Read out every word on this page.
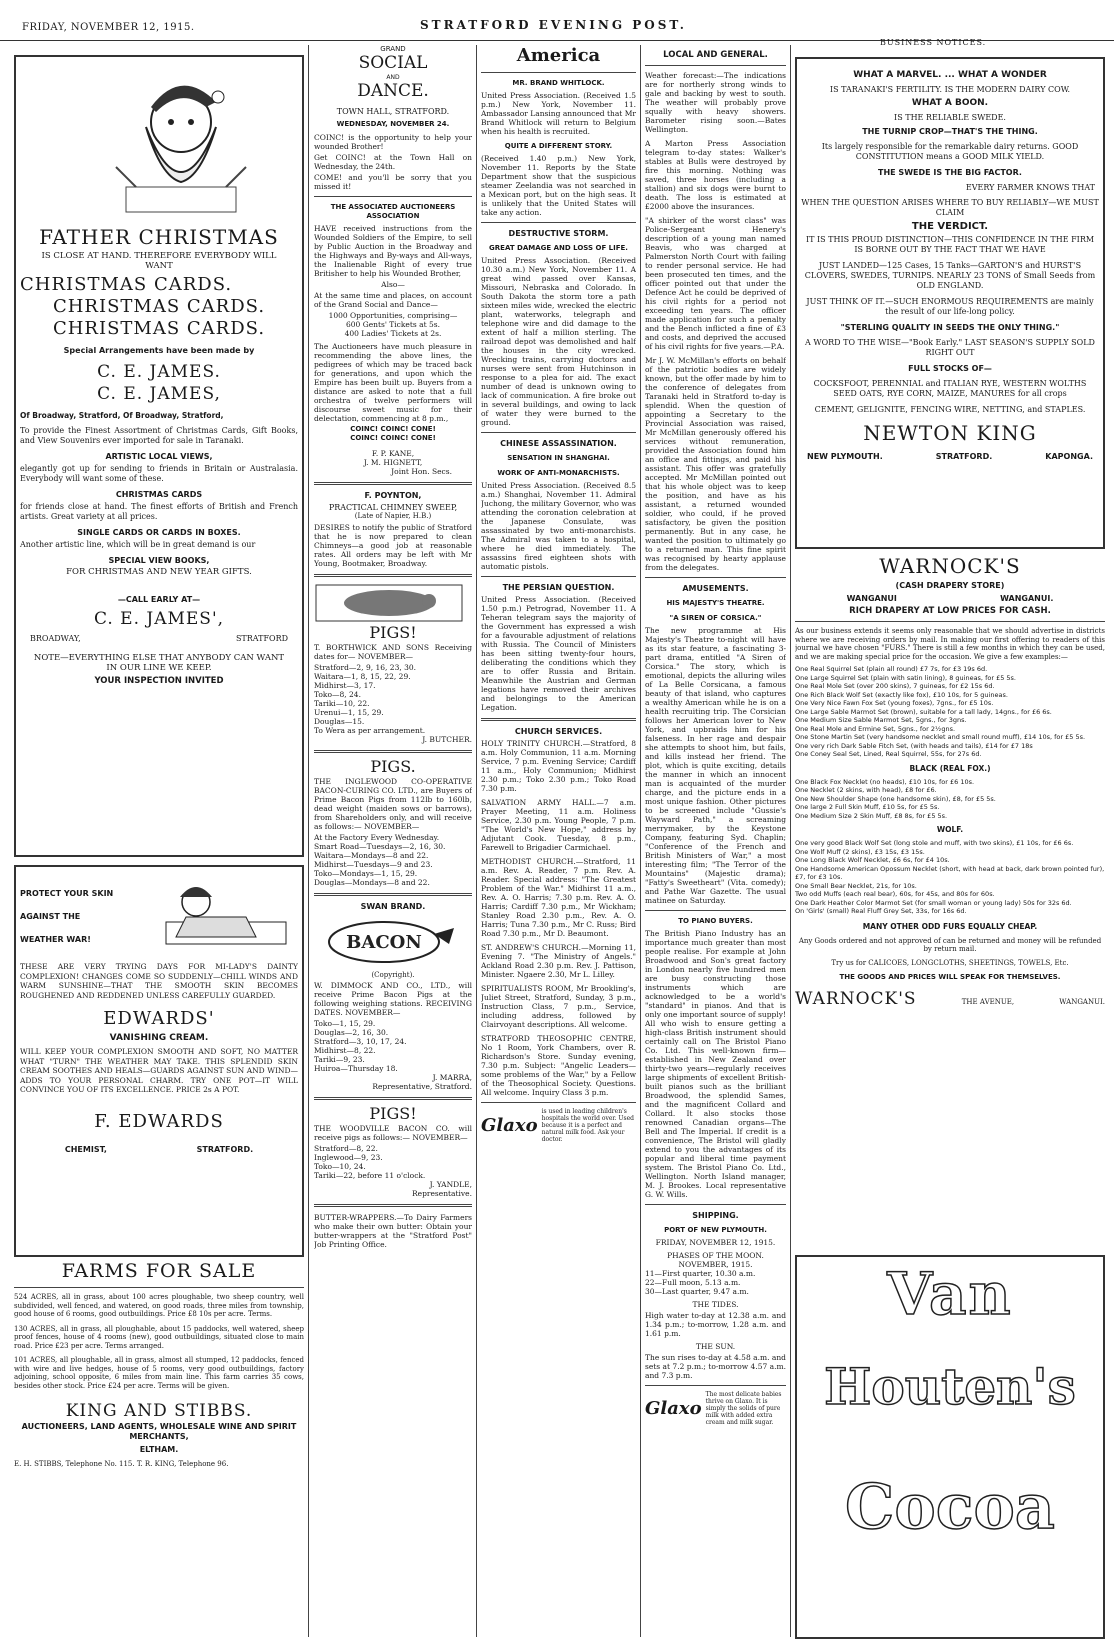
FRIDAY, NOVEMBER 12, 1915.	STRATFORD EVENING POST.
BUSINESS NOTICES.
FATHER CHRISTMAS
IS CLOSE AT HAND. THEREFORE EVERYBODY WILL WANT
CHRISTMAS CARDS.
CHRISTMAS CARDS.
CHRISTMAS CARDS.
Special Arrangements have been made by
C. E. JAMES.
C. E. JAMES,
Of Broadway, Stratford, Of Broadway, Stratford,
To provide the Finest Assortment of Christmas Cards, Gift Books, and View Souvenirs ever imported for sale in Taranaki.
ARTISTIC LOCAL VIEWS,
elegantly got up for sending to friends in Britain or Australasia. Everybody will want some of these.
CHRISTMAS CARDS
for friends close at hand. The finest efforts of British and French artists. Great variety at all prices.
SINGLE CARDS OR CARDS IN BOXES.
Another artistic line, which will be in great demand is our
SPECIAL VIEW BOOKS,
FOR CHRISTMAS AND NEW YEAR GIFTS.
—CALL EARLY AT—
C. E. JAMES',
BROADWAY,	STRATFORD
NOTE—EVERYTHING ELSE THAT ANYBODY CAN WANT IN OUR LINE WE KEEP.
YOUR INSPECTION INVITED
PROTECT YOUR SKIN
AGAINST THE
WEATHER WAR!
THESE ARE VERY TRYING DAYS FOR MI-LADY'S DAINTY COMPLEXION! CHANGES COME SO SUDDENLY—CHILL WINDS AND WARM SUNSHINE—THAT THE SMOOTH SKIN BECOMES ROUGHENED AND REDDENED UNLESS CAREFULLY GUARDED.
EDWARDS'
VANISHING CREAM.
WILL KEEP YOUR COMPLEXION SMOOTH AND SOFT, NO MATTER WHAT "TURN" THE WEATHER MAY TAKE. THIS SPLENDID SKIN CREAM SOOTHES AND HEALS—GUARDS AGAINST SUN AND WIND—ADDS TO YOUR PERSONAL CHARM. TRY ONE POT—IT WILL CONVINCE YOU OF ITS EXCELLENCE. PRICE 2s A POT.
F. EDWARDS
CHEMIST,	STRATFORD.
FARMS FOR SALE
524 ACRES, all in grass, about 100 acres ploughable, two sheep country, well subdivided, well fenced, and watered, on good roads, three miles from township, good house of 6 rooms, good outbuildings. Price £8 10s per acre. Terms.
130 ACRES, all in grass, all ploughable, about 15 paddocks, well watered, sheep proof fences, house of 4 rooms (new), good outbuildings, situated close to main road. Price £23 per acre. Terms arranged.
101 ACRES, all ploughable, all in grass, almost all stumped, 12 paddocks, fenced with wire and live hedges, house of 5 rooms, very good outbuildings, factory adjoining, school opposite, 6 miles from main line. This farm carries 35 cows, besides other stock. Price £24 per acre. Terms will be given.
KING AND STIBBS.
AUCTIONEERS, LAND AGENTS, WHOLESALE WINE AND SPIRIT MERCHANTS,
ELTHAM.
E. H. STIBBS, Telephone No. 115. T. R. KING, Telephone 96.
GRAND
SOCIAL
AND
DANCE.
TOWN HALL, STRATFORD.
WEDNESDAY, NOVEMBER 24.
COINC! is the opportunity to help your wounded Brother!
Get COINC! at the Town Hall on Wednesday, the 24th.
COME! and you'll be sorry that you missed it!
THE ASSOCIATED AUCTIONEERS ASSOCIATION
HAVE received instructions from the Wounded Soldiers of the Empire, to sell by Public Auction in the Broadway and the Highways and By-ways and All-ways, the Inalienable Right of every true Britisher to help his Wounded Brother,
Also—
At the same time and places, on account of the Grand Social and Dance—
1000 Opportunities, comprising—
600 Gents' Tickets at 5s.
400 Ladies' Tickets at 2s.
The Auctioneers have much pleasure in recommending the above lines, the pedigrees of which may be traced back for generations, and upon which the Empire has been built up. Buyers from a distance are asked to note that a full orchestra of twelve performers will discourse sweet music for their delectation, commencing at 8 p.m.,
COINC! COINC! CONE!
COINC! COINC! CONE!
F. P. KANE,
J. M. HIGNETT,
Joint Hon. Secs.
F. POYNTON,
PRACTICAL CHIMNEY SWEEP,
(Late of Napier, H.B.)
DESIRES to notify the public of Stratford that he is now prepared to clean Chimneys—a good job at reasonable rates. All orders may be left with Mr Young, Bootmaker, Broadway.
PIGS!
T. BORTHWICK AND SONS Receiving dates for— NOVEMBER—
Stratford—2, 9, 16, 23, 30.
Waitara—1, 8, 15, 22, 29.
Midhirst—3, 17.
Toko—8, 24.
Tariki—10, 22.
Urenui—1, 15, 29.
Douglas—15.
To Wera as per arrangement.
J. BUTCHER.
PIGS.
THE INGLEWOOD CO-OPERATIVE BACON-CURING CO. LTD., are Buyers of Prime Bacon Pigs from 112lb to 160lb, dead weight (maiden sows or barrows), from Shareholders only, and will receive as follows:— NOVEMBER—
At the Factory Every Wednesday.
Smart Road—Tuesdays—2, 16, 30.
Waitara—Mondays—8 and 22.
Midhirst—Tuesdays—9 and 23.
Toko—Mondays—1, 15, 29.
Douglas—Mondays—8 and 22.
SWAN BRAND.
BACON
(Copyright).
W. DIMMOCK AND CO., LTD., will receive Prime Bacon Pigs at the following weighing stations. RECEIVING DATES. NOVEMBER—
Toko—1, 15, 29.
Douglas—2, 16, 30.
Stratford—3, 10, 17, 24.
Midhirst—8, 22.
Tariki—9, 23.
Huiroa—Thursday 18.
J. MARRA,
Representative, Stratford.
PIGS!
THE WOODVILLE BACON CO. will receive pigs as follows:— NOVEMBER—
Stratford—8, 22.
Inglewood—9, 23.
Toko—10, 24.
Tariki—22, before 11 o'clock.
J. YANDLE,
Representative.
BUTTER-WRAPPERS.—To Dairy Farmers who make their own butter: Obtain your butter-wrappers at the "Stratford Post" Job Printing Office.
America
MR. BRAND WHITLOCK.
United Press Association. (Received 1.5 p.m.) New York, November 11. Ambassador Lansing announced that Mr Brand Whitlock will return to Belgium when his health is recruited.
QUITE A DIFFERENT STORY.
(Received 1.40 p.m.) New York, November 11. Reports by the State Department show that the suspicious steamer Zeelandia was not searched in a Mexican port, but on the high seas. It is unlikely that the United States will take any action.
DESTRUCTIVE STORM.
GREAT DAMAGE AND LOSS OF LIFE.
United Press Association. (Received 10.30 a.m.) New York, November 11. A great wind passed over Kansas, Missouri, Nebraska and Colorado. In South Dakota the storm tore a path sixteen miles wide, wrecked the electric plant, waterworks, telegraph and telephone wire and did damage to the extent of half a million sterling. The railroad depot was demolished and half the houses in the city wrecked. Wrecking trains, carrying doctors and nurses were sent from Hutchinson in response to a plea for aid. The exact number of dead is unknown owing to lack of communication. A fire broke out in several buildings, and owing to lack of water they were burned to the ground.
CHINESE ASSASSINATION.
SENSATION IN SHANGHAI.
WORK OF ANTI-MONARCHISTS.
United Press Association. (Received 8.5 a.m.) Shanghai, November 11. Admiral Juchong, the military Governor, who was attending the coronation celebration at the Japanese Consulate, was assassinated by two anti-monarchists. The Admiral was taken to a hospital, where he died immediately. The assassins fired eighteen shots with automatic pistols.
THE PERSIAN QUESTION.
United Press Association. (Received 1.50 p.m.) Petrograd, November 11. A Teheran telegram says the majority of the Government has expressed a wish for a favourable adjustment of relations with Russia. The Council of Ministers has been sitting twenty-four hours, deliberating the conditions which they are to offer Russia and Britain. Meanwhile the Austrian and German legations have removed their archives and belongings to the American Legation.
CHURCH SERVICES.
HOLY TRINITY CHURCH.—Stratford, 8 a.m. Holy Communion, 11 a.m. Morning Service, 7 p.m. Evening Service; Cardiff 11 a.m., Holy Communion; Midhirst 2.30 p.m.; Toko 2.30 p.m.; Toko Road 7.30 p.m.
SALVATION ARMY HALL.—7 a.m. Prayer Meeting, 11 a.m. Holiness Service, 2.30 p.m. Young People, 7 p.m. "The World's New Hope," address by Adjutant Cook. Tuesday, 8 p.m., Farewell to Brigadier Carmichael.
METHODIST CHURCH.—Stratford, 11 a.m. Rev. A. Reader, 7 p.m. Rev. A. Reader. Special address: "The Greatest Problem of the War." Midhirst 11 a.m., Rev. A. O. Harris; 7.30 p.m. Rev. A. O. Harris; Cardiff 7.30 p.m., Mr Wickham; Stanley Road 2.30 p.m., Rev. A. O. Harris; Tuna 7.30 p.m., Mr C. Russ; Bird Road 7.30 p.m., Mr D. Beaumont.
ST. ANDREW'S CHURCH.—Morning 11, Evening 7. "The Ministry of Angels." Ackland Road 2.30 p.m. Rev. J. Pattison, Minister. Ngaere 2.30, Mr L. Lilley.
SPIRITUALISTS ROOM, Mr Brookling's, Juliet Street, Stratford, Sunday, 3 p.m., Instruction Class, 7 p.m., Service, including address, followed by Clairvoyant descriptions. All welcome.
STRATFORD THEOSOPHIC CENTRE, No 1 Room, York Chambers, over R. Richardson's Store. Sunday evening, 7.30 p.m. Subject: "Angelic Leaders—some problems of the War," by a Fellow of the Theosophical Society. Questions. All welcome. Inquiry Class 3 p.m.
Glaxo
is used in leading children's hospitals the world over. Used because it is a perfect and natural milk food. Ask your doctor.
LOCAL AND GENERAL.
Weather forecast:—The indications are for northerly strong winds to gale and backing by west to south. The weather will probably prove squally with heavy showers. Barometer rising soon.—Bates Wellington.
A Marton Press Association telegram to-day states: Walker's stables at Bulls were destroyed by fire this morning. Nothing was saved, three horses (including a stallion) and six dogs were burnt to death. The loss is estimated at £2000 above the insurances.
"A shirker of the worst class" was Police-Sergeant Henery's description of a young man named Beavis, who was charged at Palmerston North Court with failing to render personal service. He had been prosecuted ten times, and the officer pointed out that under the Defence Act he could be deprived of his civil rights for a period not exceeding ten years. The officer made application for such a penalty and the Bench inflicted a fine of £3 and costs, and deprived the accused of his civil rights for five years.—P.A.
Mr J. W. McMillan's efforts on behalf of the patriotic bodies are widely known, but the offer made by him to the conference of delegates from Taranaki held in Stratford to-day is splendid. When the question of appointing a Secretary to the Provincial Association was raised, Mr McMillan generously offered his services without remuneration, provided the Association found him an office and fittings, and paid his assistant. This offer was gratefully accepted. Mr McMillan pointed out that his whole object was to keep the position, and have as his assistant, a returned wounded soldier, who could, if he proved satisfactory, be given the position permanently. But in any case, he wanted the position to ultimately go to a returned man. This fine spirit was recognised by hearty applause from the delegates.
AMUSEMENTS.
HIS MAJESTY'S THEATRE.
"A SIREN OF CORSICA."
The new programme at His Majesty's Theatre to-night will have as its star feature, a fascinating 3-part drama, entitled "A Siren of Corsica." The story, which is emotional, depicts the alluring wiles of La Belle Corsicana, a famous beauty of that island, who captures a wealthy American while he is on a health recruiting trip. The Corsician follows her American lover to New York, and upbraids him for his falseness. In her rage and despair she attempts to shoot him, but fails, and kills instead her friend. The plot, which is quite exciting, details the manner in which an innocent man is acquainted of the murder charge, and the picture ends in a most unique fashion. Other pictures to be screened include "Gussie's Wayward Path," a screaming merrymaker, by the Keystone Company, featuring Syd. Chaplin; "Conference of the French and British Ministers of War," a most interesting film; "The Terror of the Mountains" (Majestic drama); "Fatty's Sweetheart" (Vita. comedy); and Pathe War Gazette. The usual matinee on Saturday.
TO PIANO BUYERS.
The British Piano Industry has an importance much greater than most people realise. For example at John Broadwood and Son's great factory in London nearly five hundred men are busy constructing those instruments which are acknowledged to be a world's "standard" in pianos. And that is only one important source of supply! All who wish to ensure getting a high-class British instrument should certainly call on The Bristol Piano Co. Ltd. This well-known firm—established in New Zealand over thirty-two years—regularly receives large shipments of excellent British-built pianos such as the brilliant Broadwood, the splendid Sames, and the magnificent Collard and Collard. It also stocks those renowned Canadian organs—The Bell and The Imperial. If credit is a convenience, The Bristol will gladly extend to you the advantages of its popular and liberal time payment system. The Bristol Piano Co. Ltd., Wellington. North Island manager, M. J. Brookes. Local representative G. W. Wills.
SHIPPING.
PORT OF NEW PLYMOUTH.
FRIDAY, NOVEMBER 12, 1915.
PHASES OF THE MOON.
NOVEMBER, 1915.
11—First quarter, 10.30 a.m.
22—Full moon, 5.13 a.m.
30—Last quarter, 9.47 a.m.
THE TIDES.
High water to-day at 12.38 a.m. and 1.34 p.m.; to-morrow, 1.28 a.m. and 1.61 p.m.
THE SUN.
The sun rises to-day at 4.58 a.m. and sets at 7.2 p.m.; to-morrow 4.57 a.m. and 7.3 p.m.
Glaxo
The most delicate babies thrive on Glaxo. It is simply the solids of pure milk with added extra cream and milk sugar.
WHAT A MARVEL. ... WHAT A WONDER
IS TARANAKI'S FERTILITY. IS THE MODERN DAIRY COW.
WHAT A BOON.
IS THE RELIABLE SWEDE.
THE TURNIP CROP—THAT'S THE THING.
Its largely responsible for the remarkable dairy returns. GOOD CONSTITUTION means a GOOD MILK YIELD.
THE SWEDE IS THE BIG FACTOR.
EVERY FARMER KNOWS THAT
WHEN THE QUESTION ARISES WHERE TO BUY RELIABLY—WE MUST CLAIM
THE VERDICT.
IT IS THIS PROUD DISTINCTION—THIS CONFIDENCE IN THE FIRM IS BORNE OUT BY THE FACT THAT WE HAVE
JUST LANDED—125 Cases, 15 Tanks—GARTON'S and HURST'S CLOVERS, SWEDES, TURNIPS. NEARLY 23 TONS of Small Seeds from OLD ENGLAND.
JUST THINK OF IT.—SUCH ENORMOUS REQUIREMENTS are mainly the result of our life-long policy.
"STERLING QUALITY IN SEEDS THE ONLY THING."
A WORD TO THE WISE—"Book Early." LAST SEASON'S SUPPLY SOLD RIGHT OUT
FULL STOCKS OF—
COCKSFOOT, PERENNIAL and ITALIAN RYE, WESTERN WOLTHS SEED OATS, RYE CORN, MAIZE, MANURES for all crops
CEMENT, GELIGNITE, FENCING WIRE, NETTING, and STAPLES.
NEWTON KING
NEW PLYMOUTH.	STRATFORD.	KAPONGA.
WARNOCK'S
(CASH DRAPERY STORE)
WANGANUI	WANGANUI.
RICH DRAPERY AT LOW PRICES FOR CASH.
As our business extends it seems only reasonable that we should advertise in districts where we are receiving orders by mail. In making our first offering to readers of this journal we have chosen "FURS." There is still a few months in which they can be used, and we are making special price for the occasion. We give a few examples:—
One Real Squirrel Set (plain all round) £7 7s, for £3 19s 6d.
One Large Squirrel Set (plain with satin lining), 8 guineas, for £5 5s.
One Real Mole Set (over 200 skins), 7 guineas, for £2 15s 6d.
One Rich Black Wolf Set (exactly like fox), £10 10s, for 5 guineas.
One Very Nice Fawn Fox Set (young foxes), 7gns., for £5 10s.
One Large Sable Marmot Set (brown), suitable for a tall lady, 14gns., for £6 6s.
One Medium Size Sable Marmot Set, 5gns., for 3gns.
One Real Mole and Ermine Set, 5gns., for 2½gns.
One Stone Martin Set (very handsome necklet and small round muff), £14 10s, for £5 5s.
One very rich Dark Sable Fitch Set, (with heads and tails), £14 for £7 18s
One Coney Seal Set, Lined, Real Squirrel, 55s, for 27s 6d.
BLACK (REAL FOX.)
One Black Fox Necklet (no heads), £10 10s, for £6 10s.
One Necklet (2 skins, with head), £8 for £6.
One New Shoulder Shape (one handsome skin), £8, for £5 5s.
One large 2 Full Skin Muff, £10 5s, for £5 5s.
One Medium Size 2 Skin Muff, £8 8s, for £5 5s.
WOLF.
One very good Black Wolf Set (long stole and muff, with two skins), £1 10s, for £6 6s.
One Wolf Muff (2 skins), £3 15s, £3 15s.
One Long Black Wolf Necklet, £6 6s, for £4 10s.
One Handsome American Opossum Necklet (short, with head at back, dark brown pointed fur), £7, for £3 10s.
One Small Bear Necklet, 21s, for 10s.
Two odd Muffs (each real bear), 60s, for 45s, and 80s for 60s.
One Dark Heather Color Marmot Set (for small woman or young lady) 50s for 32s 6d.
On 'Girls' (small) Real Fluff Grey Set, 33s, for 16s 6d.
MANY OTHER ODD FURS EQUALLY CHEAP.
Any Goods ordered and not approved of can be returned and money will be refunded by return mail.
Try us for CALICOES, LONGCLOTHS, SHEETINGS, TOWELS, Etc.
THE GOODS AND PRICES WILL SPEAK FOR THEMSELVES.
WARNOCK'S	THE AVENUE,	WANGANUI.
Van
Houten's
Cocoa
